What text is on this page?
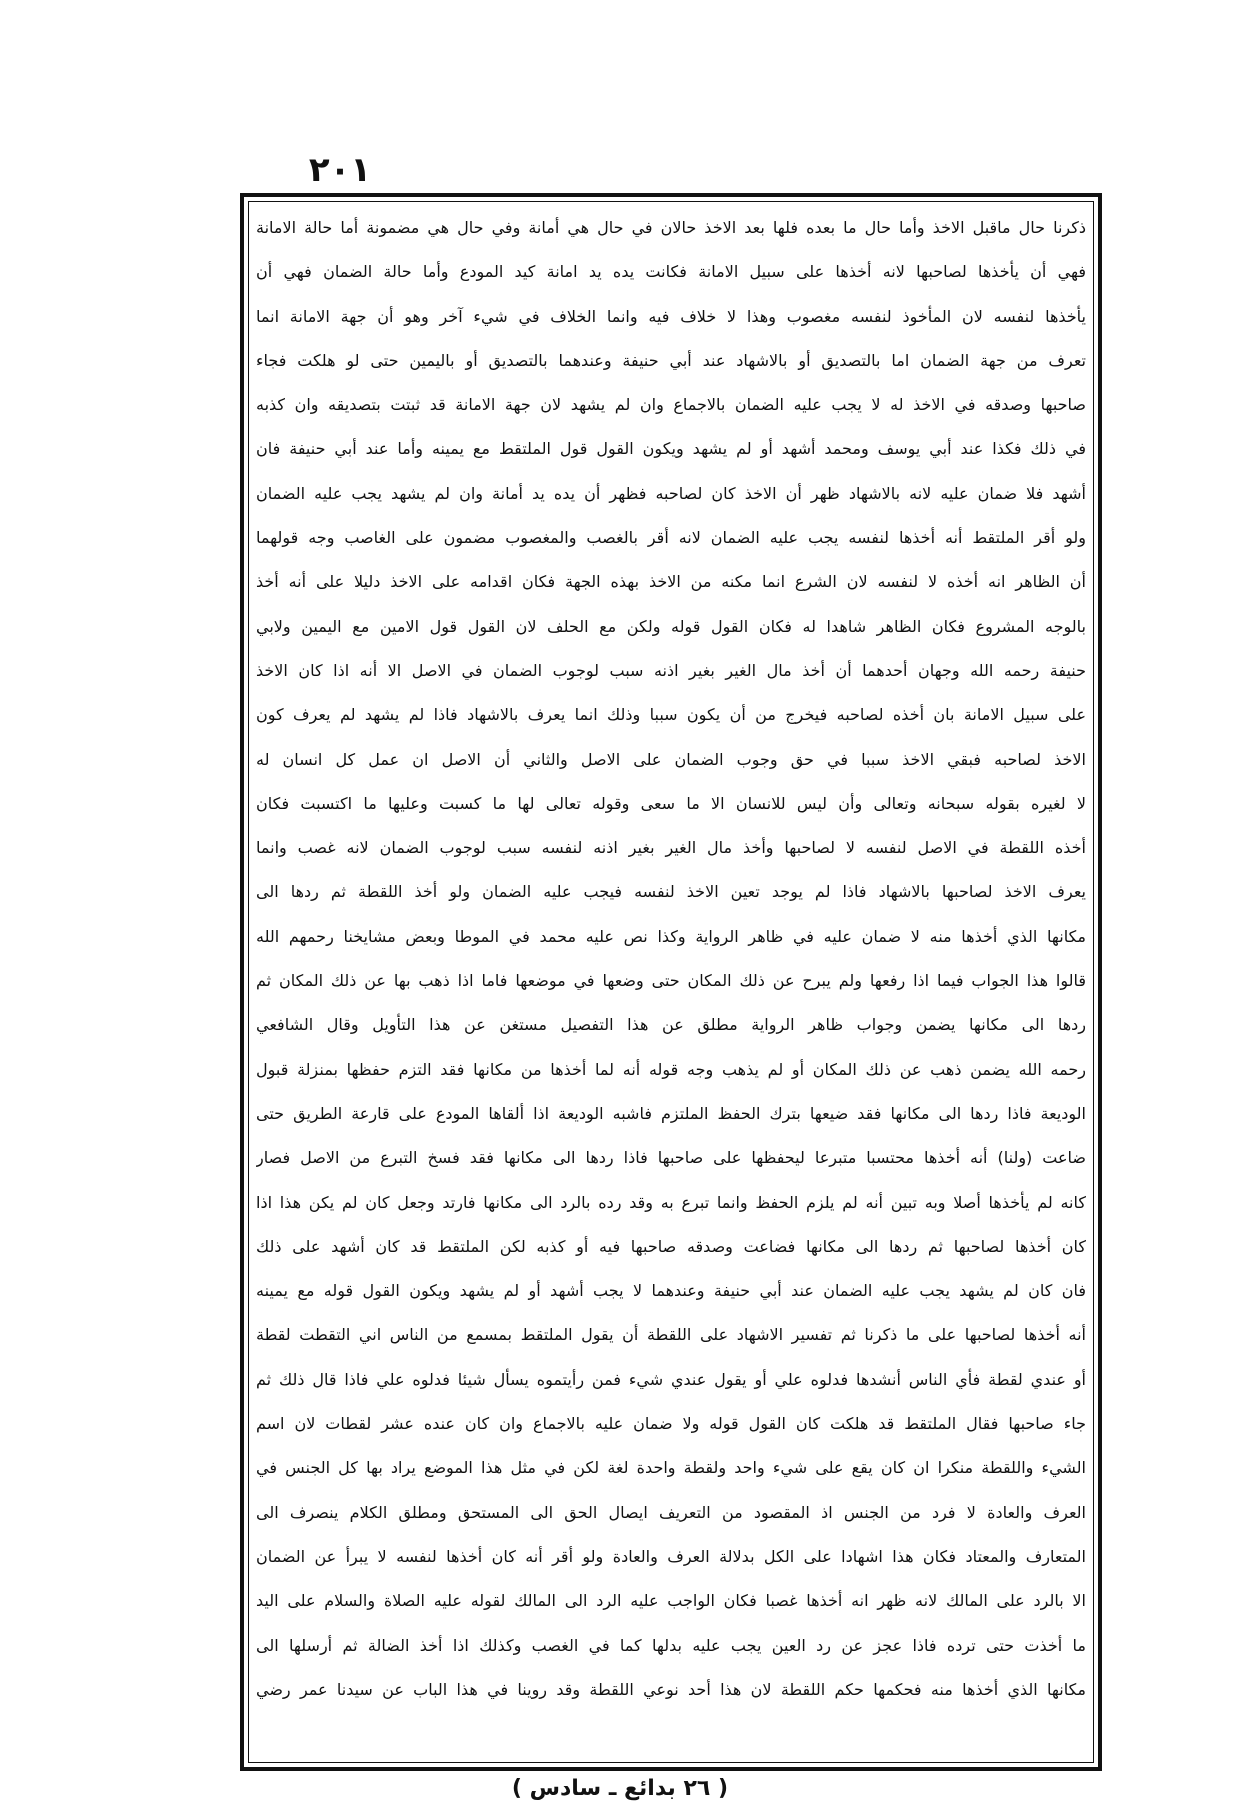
٢٠١
ذكرنا حال ماقبل الاخذ وأما حال ما بعده فلها بعد الاخذ حالان في حال هي أمانة وفي حال هي مضمونة أما حالة الامانة
فهي أن يأخذها لصاحبها لانه أخذها على سبيل الامانة فكانت يده يد امانة كيد المودع وأما حالة الضمان فهي أن
يأخذها لنفسه لان المأخوذ لنفسه مغصوب وهذا لا خلاف فيه وانما الخلاف في شيء آخر وهو أن جهة الامانة انما
تعرف من جهة الضمان اما بالتصديق أو بالاشهاد عند أبي حنيفة وعندهما بالتصديق أو باليمين حتى لو هلكت فجاء
صاحبها وصدقه في الاخذ له لا يجب عليه الضمان بالاجماع وان لم يشهد لان جهة الامانة قد ثبتت بتصديقه وان كذبه
في ذلك فكذا عند أبي يوسف ومحمد أشهد أو لم يشهد ويكون القول قول الملتقط مع يمينه وأما عند أبي حنيفة فان
أشهد فلا ضمان عليه لانه بالاشهاد ظهر أن الاخذ كان لصاحبه فظهر أن يده يد أمانة وان لم يشهد يجب عليه الضمان
ولو أقر الملتقط أنه أخذها لنفسه يجب عليه الضمان لانه أقر بالغصب والمغصوب مضمون على الغاصب وجه قولهما
أن الظاهر انه أخذه لا لنفسه لان الشرع انما مكنه من الاخذ بهذه الجهة فكان اقدامه على الاخذ دليلا على أنه أخذ
بالوجه المشروع فكان الظاهر شاهدا له فكان القول قوله ولكن مع الحلف لان القول قول الامين مع اليمين ولابي
حنيفة رحمه الله وجهان أحدهما أن أخذ مال الغير بغير اذنه سبب لوجوب الضمان في الاصل الا أنه اذا كان الاخذ
على سبيل الامانة بان أخذه لصاحبه فيخرج من أن يكون سببا وذلك انما يعرف بالاشهاد فاذا لم يشهد لم يعرف كون
الاخذ لصاحبه فبقي الاخذ سببا في حق وجوب الضمان على الاصل والثاني أن الاصل ان عمل كل انسان له
لا لغيره بقوله سبحانه وتعالى وأن ليس للانسان الا ما سعى وقوله تعالى لها ما كسبت وعليها ما اكتسبت فكان
أخذه اللقطة في الاصل لنفسه لا لصاحبها وأخذ مال الغير بغير اذنه لنفسه سبب لوجوب الضمان لانه غصب وانما
يعرف الاخذ لصاحبها بالاشهاد فاذا لم يوجد تعين الاخذ لنفسه فيجب عليه الضمان ولو أخذ اللقطة ثم ردها الى
مكانها الذي أخذها منه لا ضمان عليه في ظاهر الرواية وكذا نص عليه محمد في الموطا وبعض مشايخنا رحمهم الله
قالوا هذا الجواب فيما اذا رفعها ولم يبرح عن ذلك المكان حتى وضعها في موضعها فاما اذا ذهب بها عن ذلك المكان ثم
ردها الى مكانها يضمن وجواب ظاهر الرواية مطلق عن هذا التفصيل مستغن عن هذا التأويل وقال الشافعي
رحمه الله يضمن ذهب عن ذلك المكان أو لم يذهب وجه قوله أنه لما أخذها من مكانها فقد التزم حفظها بمنزلة قبول
الوديعة فاذا ردها الى مكانها فقد ضيعها بترك الحفظ الملتزم فاشبه الوديعة اذا ألقاها المودع على قارعة الطريق حتى
ضاعت (ولنا) أنه أخذها محتسبا متبرعا ليحفظها على صاحبها فاذا ردها الى مكانها فقد فسخ التبرع من الاصل فصار
كانه لم يأخذها أصلا وبه تبين أنه لم يلزم الحفظ وانما تبرع به وقد رده بالرد الى مكانها فارتد وجعل كان لم يكن هذا اذا
كان أخذها لصاحبها ثم ردها الى مكانها فضاعت وصدقه صاحبها فيه أو كذبه لكن الملتقط قد كان أشهد على ذلك
فان كان لم يشهد يجب عليه الضمان عند أبي حنيفة وعندهما لا يجب أشهد أو لم يشهد ويكون القول قوله مع يمينه
أنه أخذها لصاحبها على ما ذكرنا ثم تفسير الاشهاد على اللقطة أن يقول الملتقط بمسمع من الناس اني التقطت لقطة
أو عندي لقطة فأي الناس أنشدها فدلوه علي أو يقول عندي شيء فمن رأيتموه يسأل شيئا فدلوه علي فاذا قال ذلك ثم
جاء صاحبها فقال الملتقط قد هلكت كان القول قوله ولا ضمان عليه بالاجماع وان كان عنده عشر لقطات لان اسم
الشيء واللقطة منكرا ان كان يقع على شيء واحد ولقطة واحدة لغة لكن في مثل هذا الموضع يراد بها كل الجنس في
العرف والعادة لا فرد من الجنس اذ المقصود من التعريف ايصال الحق الى المستحق ومطلق الكلام ينصرف الى
المتعارف والمعتاد فكان هذا اشهادا على الكل بدلالة العرف والعادة ولو أقر أنه كان أخذها لنفسه لا يبرأ عن الضمان
الا بالرد على المالك لانه ظهر انه أخذها غصبا فكان الواجب عليه الرد الى المالك لقوله عليه الصلاة والسلام على اليد
ما أخذت حتى ترده فاذا عجز عن رد العين يجب عليه بدلها كما في الغصب وكذلك اذا أخذ الضالة ثم أرسلها الى
مكانها الذي أخذها منه فحكمها حكم اللقطة لان هذا أحد نوعي اللقطة وقد روينا في هذا الباب عن سيدنا عمر رضي
( ٢٦ بدائع ـ سادس )
